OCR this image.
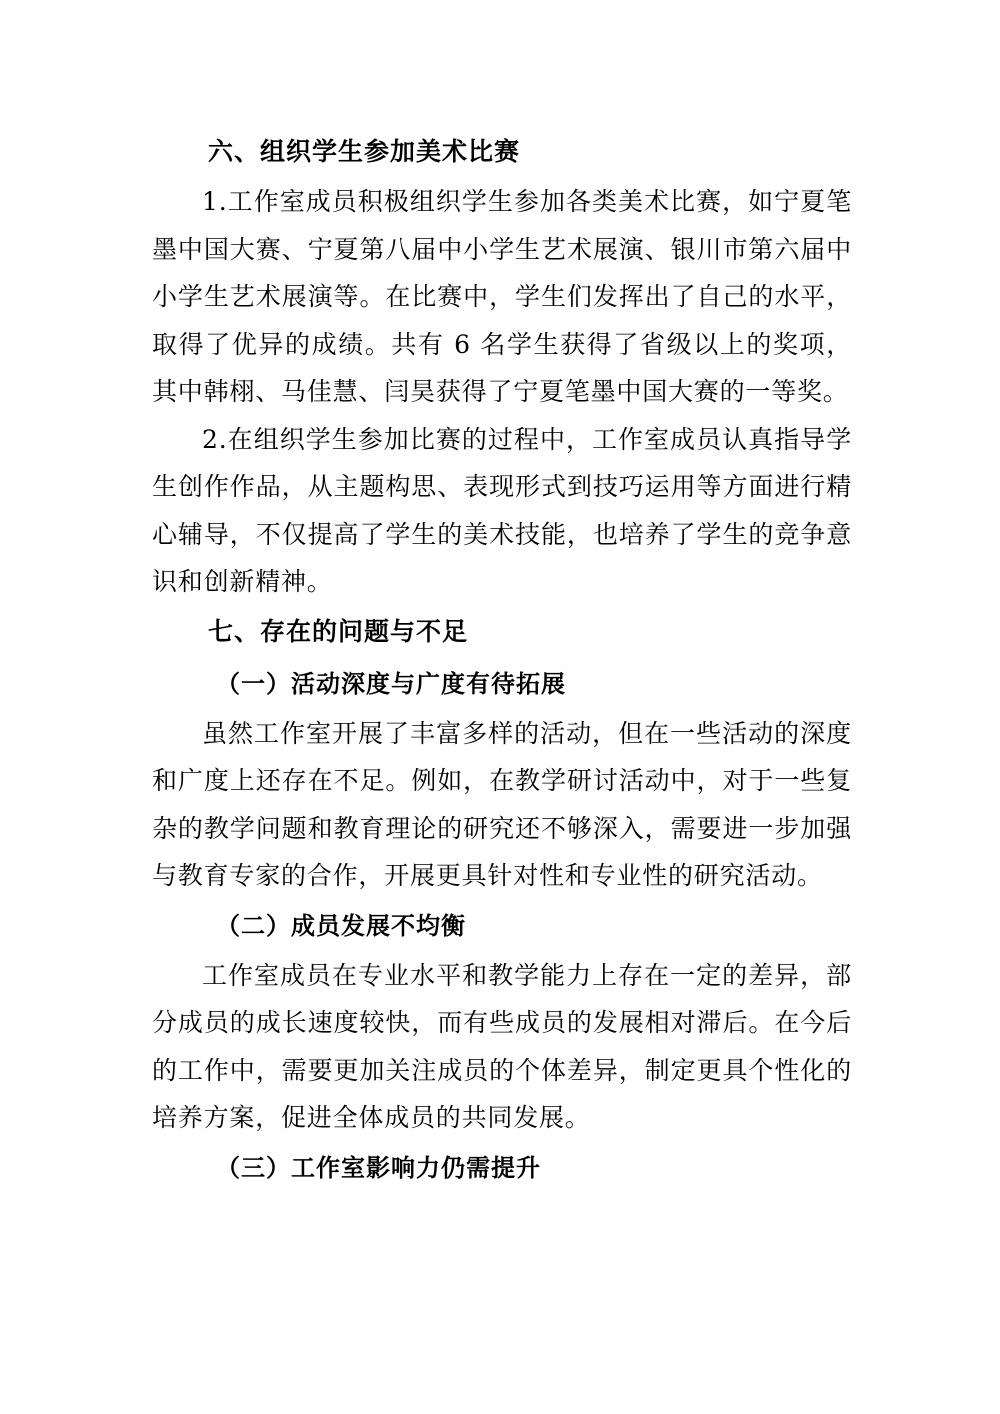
六、组织学生参加美术比赛

1.工作室成员积极组织学生参加各类美术比赛，如宁夏笔墨中国大赛、宁夏第八届中小学生艺术展演、银川市第六届中小学生艺术展演等。在比赛中，学生们发挥出了自己的水平，取得了优异的成绩。共有 6 名学生获得了省级以上的奖项，其中韩栩、马佳慧、闫昊获得了宁夏笔墨中国大赛的一等奖。

2.在组织学生参加比赛的过程中，工作室成员认真指导学生创作作品，从主题构思、表现形式到技巧运用等方面进行精心辅导，不仅提高了学生的美术技能，也培养了学生的竞争意识和创新精神。

七、存在的问题与不足
（一）活动深度与广度有待拓展

虽然工作室开展了丰富多样的活动，但在一些活动的深度和广度上还存在不足。例如，在教学研讨活动中，对于一些复杂的教学问题和教育理论的研究还不够深入，需要进一步加强与教育专家的合作，开展更具针对性和专业性的研究活动。

（二）成员发展不均衡

工作室成员在专业水平和教学能力上存在一定的差异，部分成员的成长速度较快，而有些成员的发展相对滞后。在今后的工作中，需要更加关注成员的个体差异，制定更具个性化的培养方案，促进全体成员的共同发展。

（三）工作室影响力仍需提升
